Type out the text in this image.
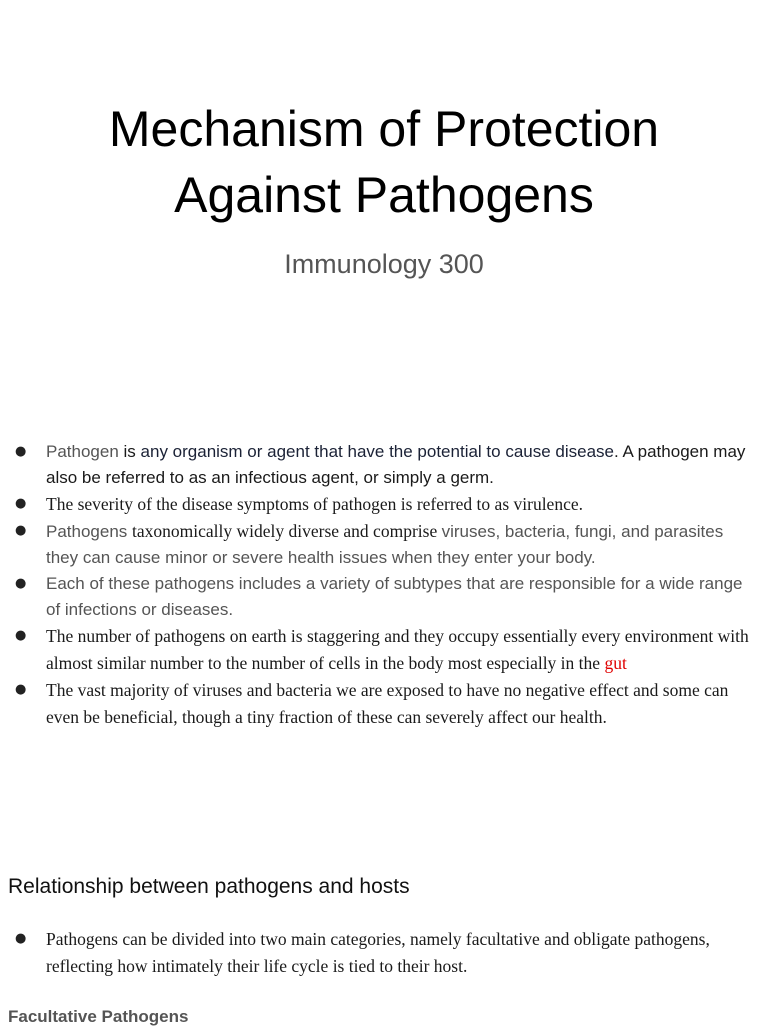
Mechanism of Protection
Against Pathogens
Immunology 300
● Pathogen is any organism or agent that have the potential to cause disease. A pathogen may also be referred to as an infectious agent, or simply a germ.
● The severity of the disease symptoms of pathogen is referred to as virulence.
● Pathogens taxonomically widely diverse and comprise viruses, bacteria, fungi, and parasites they can cause minor or severe health issues when they enter your body.
● Each of these pathogens includes a variety of subtypes that are responsible for a wide range of infections or diseases.
● The number of pathogens on earth is staggering and they occupy essentially every environment with almost similar number to the number of cells in the body most especially in the gut
● The vast majority of viruses and bacteria we are exposed to have no negative effect and some can even be beneficial, though a tiny fraction of these can severely affect our health.
Relationship between pathogens and hosts
● Pathogens can be divided into two main categories, namely facultative and obligate pathogens, reflecting how intimately their life cycle is tied to their host.
Facultative Pathogens
